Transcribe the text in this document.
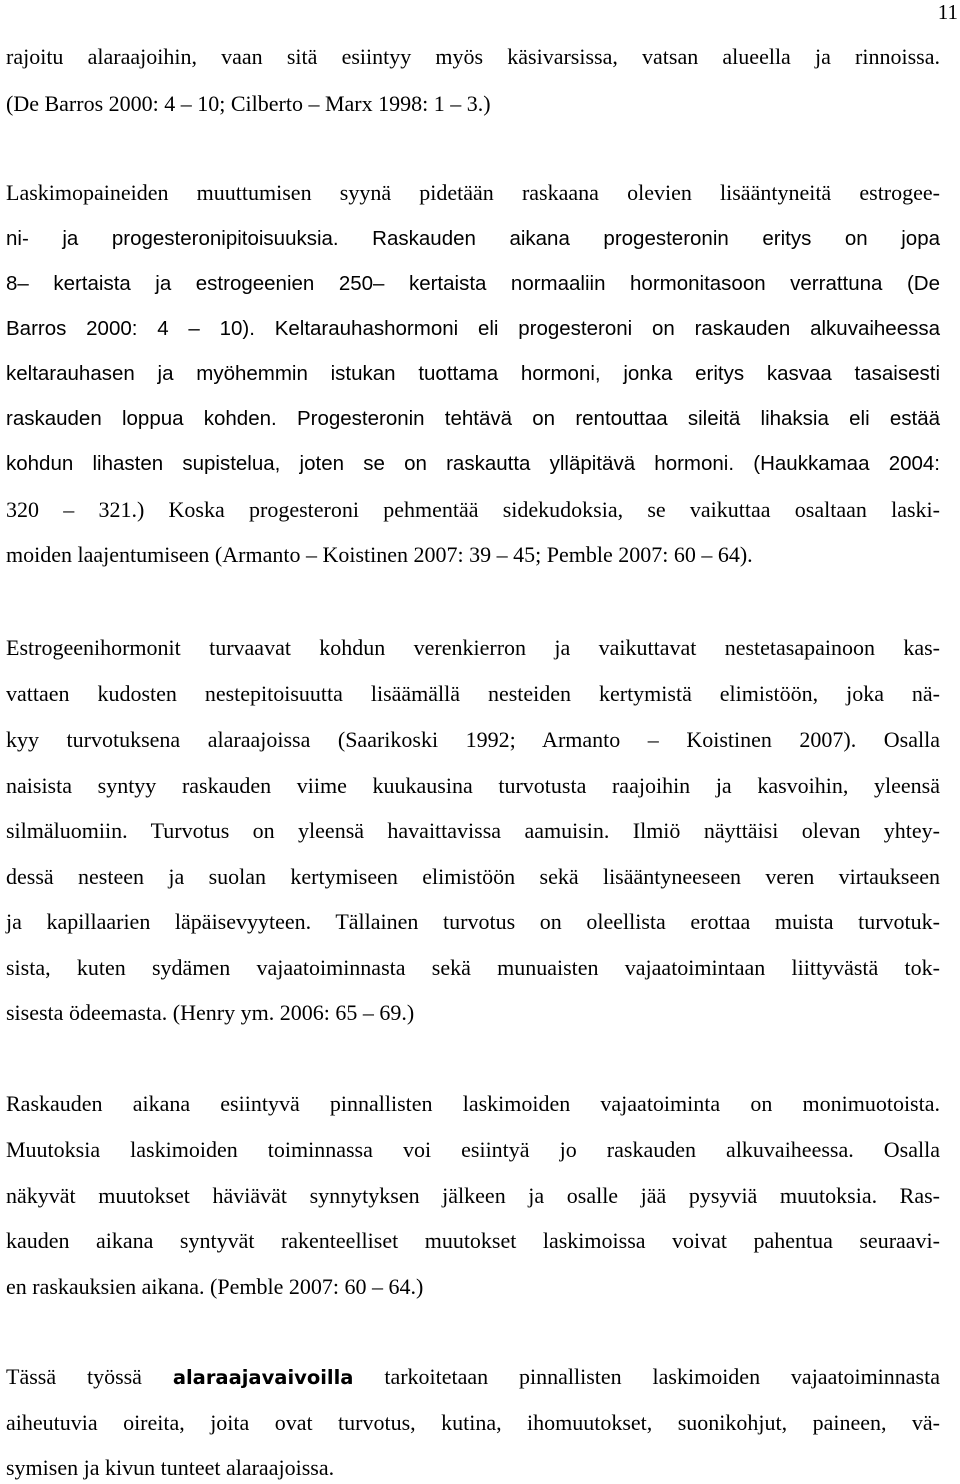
11

rajoitu alaraajoihin, vaan sitä esiintyy myös käsivarsissa, vatsan alueella ja rinnoissa.

(De Barros 2000: 4 – 10; Cilberto – Marx 1998: 1 – 3.)

Laskimopaineiden muuttumisen syynä pidetään raskaana olevien lisääntyneitä estrogee-

ni- ja progesteronipitoisuuksia. Raskauden aikana progesteronin eritys on jopa

8– kertaista ja estrogeenien 250– kertaista normaaliin hormonitasoon verrattuna (De

Barros 2000: 4 – 10). Keltarauhashormoni eli progesteroni on raskauden alkuvaiheessa

keltarauhasen ja myöhemmin istukan tuottama hormoni, jonka eritys kasvaa tasaisesti

raskauden loppua kohden. Progesteronin tehtävä on rentouttaa sileitä lihaksia eli estää

kohdun lihasten supistelua, joten se on raskautta ylläpitävä hormoni. (Haukkamaa 2004:

320 – 321.) Koska progesteroni pehmentää sidekudoksia, se vaikuttaa osaltaan laski-

moiden laajentumiseen (Armanto – Koistinen 2007: 39 – 45; Pemble 2007: 60 – 64).

Estrogeenihormonit turvaavat kohdun verenkierron ja vaikuttavat nestetasapainoon kas-

vattaen kudosten nestepitoisuutta lisäämällä nesteiden kertymistä elimistöön, joka nä-

kyy turvotuksena alaraajoissa (Saarikoski 1992; Armanto – Koistinen 2007). Osalla

naisista syntyy raskauden viime kuukausina turvotusta raajoihin ja kasvoihin, yleensä

silmäluomiin. Turvotus on yleensä havaittavissa aamuisin. Ilmiö näyttäisi olevan yhtey-

dessä nesteen ja suolan kertymiseen elimistöön sekä lisääntyneeseen veren virtaukseen

ja kapillaarien läpäisevyyteen. Tällainen turvotus on oleellista erottaa muista turvotuk-

sista, kuten sydämen vajaatoiminnasta sekä munuaisten vajaatoimintaan liittyvästä tok-

sisesta ödeemasta. (Henry ym. 2006: 65 – 69.)

Raskauden aikana esiintyvä pinnallisten laskimoiden vajaatoiminta on monimuotoista.

Muutoksia laskimoiden toiminnassa voi esiintyä jo raskauden alkuvaiheessa. Osalla

näkyvät muutokset häviävät synnytyksen jälkeen ja osalle jää pysyviä muutoksia. Ras-

kauden aikana syntyvät rakenteelliset muutokset laskimoissa voivat pahentua seuraavi-

en raskauksien aikana. (Pemble 2007: 60 – 64.)

Tässä työssä alaraajavaivoilla tarkoitetaan pinnallisten laskimoiden vajaatoiminnasta

aiheutuvia oireita, joita ovat turvotus, kutina, ihomuutokset, suonikohjut, paineen, vä-

symisen ja kivun tunteet alaraajoissa.
